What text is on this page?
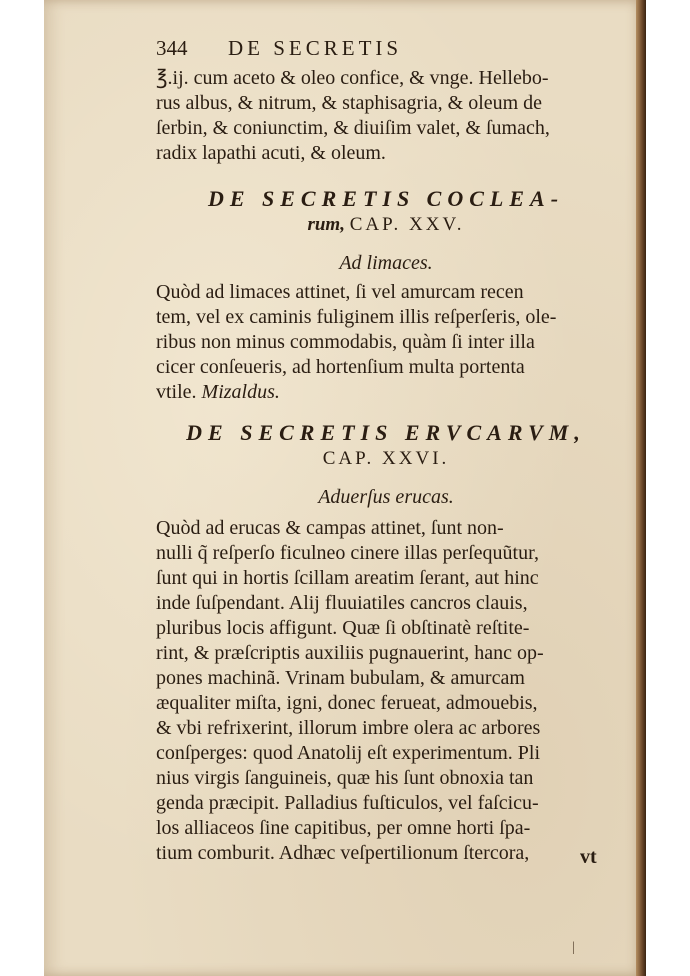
344 DE SECRETIS
℥.ij. cum aceto & oleo confice, & vnge. Hellebo-
rus albus, & nitrum, & staphisagria, & oleum de
ſerbin, & coniunctim, & diuiſim valet, & ſumach,
radix lapathi acuti, & oleum.
DE SECRETIS COCLEA-
rum, CAP. XXV.
Ad limaces.
Quòd ad limaces attinet, ſi vel amurcam recen
tem, vel ex caminis fuliginem illis reſperſeris, ole-
ribus non minus commodabis, quàm ſi inter illa
cicer conſeueris, ad hortenſium multa portenta
vtile. Mizaldus.
DE SECRETIS ERVCARVM,
CAP. XXVI.
Aduerſus erucas.
Quòd ad erucas & campas attinet, ſunt non-
nulli q̃ reſperſo ficulneo cinere illas perſequũtur,
ſunt qui in hortis ſcillam areatim ſerant, aut hinc
inde ſuſpendant. Alij fluuiatiles cancros clauis,
pluribus locis affigunt. Quæ ſi obſtinatè reſtite-
rint, & præſcriptis auxiliis pugnauerint, hanc op-
pones machinã. Vrinam bubulam, & amurcam
æqualiter miſta, igni, donec ferueat, admouebis,
& vbi refrixerint, illorum imbre olera ac arbores
conſperges: quod Anatolij eſt experimentum. Pli
nius virgis ſanguineis, quæ his ſunt obnoxia tan
genda præcipit. Palladius fuſticulos, vel faſcicu-
los alliaceos ſine capitibus, per omne horti ſpa-
tium comburit. Adhæc veſpertilionum ſtercora,	vt
|
